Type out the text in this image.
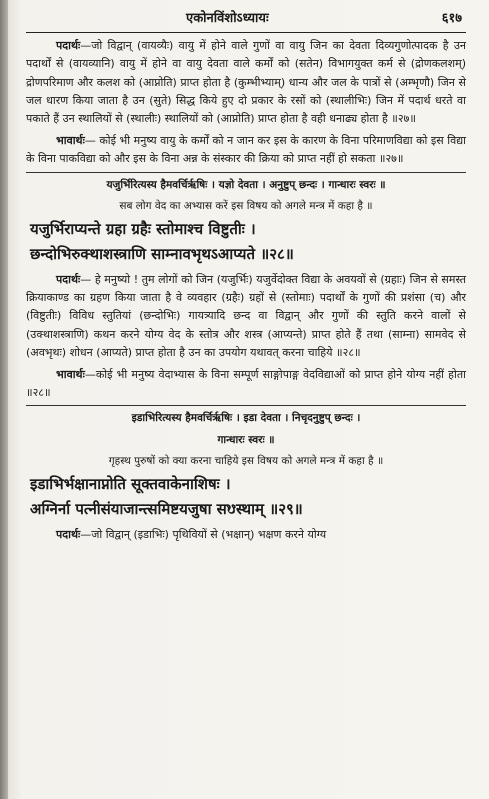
एकोनविंशोऽध्यायः	६१७

पदार्थः—जो विद्वान् (वायव्यैः) वायु में होने वाले गुणों वा वायु जिन का देवता दिव्यगुणोत्पादक है उन पदार्थों से (वायव्यानि) वायु में होने वा वायु देवता वाले कर्मों को (सतेन) विभागयुक्त कर्म से (द्रोणकलशम्) द्रोणपरिमाण और कलश को (आप्नोति) प्राप्त होता है (कुम्भीभ्याम्) धान्य और जल के पात्रों से (अम्भृणौ) जिन से जल धारण किया जाता है उन (सुते) सिद्ध किये हुए दो प्रकार के रसों को (स्थालीभिः) जिन में पदार्थ धरते वा पकाते हैं उन स्थालियों से (स्थालीः) स्थालियों को (आप्नोति) प्राप्त होता है वही धनाढ्य होता है ॥२७॥

भावार्थः— कोई भी मनुष्य वायु के कर्मों को न जान कर इस के कारण के विना परिमाणविद्या को इस विद्या के विना पाकविद्या को और इस के विना अन्न के संस्कार की क्रिया को प्राप्त नहीं हो सकता ॥२७॥

यजुर्भिरित्यस्य हैमवर्चिर्ऋषिः । यज्ञो देवता । अनुष्टुप् छन्दः । गान्धारः स्वरः ॥
सब लोग वेद का अभ्यास करें इस विषय को अगले मन्त्र में कहा है ॥
यजुर्भिराप्यन्ते ग्रहा ग्रहैः स्तोमाश्च विष्टुतीः ।
छन्दोभिरुक्थाशस्त्राणि साम्नावभृथऽआप्यते ॥२८॥

पदार्थः— हे मनुष्यो ! तुम लोगों को जिन (यजुर्भिः) यजुर्वेदोक्त विद्या के अवयवों से (ग्रहाः) जिन से समस्त क्रियाकाण्ड का ग्रहण किया जाता है वे व्यवहार (ग्रहैः) ग्रहों से (स्तोमाः) पदार्थों के गुणों की प्रशंसा (च) और (विष्टुतीः) विविध स्तुतियां (छन्दोभिः) गायत्र्यादि छन्द वा विद्वान् और गुणों की स्तुति करने वालों से (उक्थाशस्त्राणि) कथन करने योग्य वेद के स्तोत्र और शस्त्र (आप्यन्ते) प्राप्त होते हैं तथा (साम्ना) सामवेद से (अवभृथः) शोधन (आप्यते) प्राप्त होता है उन का उपयोग यथावत् करना चाहिये ॥२८॥

भावार्थः—कोई भी मनुष्य वेदाभ्यास के विना सम्पूर्ण साङ्गोपाङ्ग वेदविद्याओं को प्राप्त होने योग्य नहीं होता ॥२८॥

इडाभिरित्यस्य हैमवर्चिर्ऋषिः । इडा देवता । निचृदनुष्टुप् छन्दः ।
गान्धारः स्वरः ॥
गृहस्थ पुरुषों को क्या करना चाहिये इस विषय को अगले मन्त्र में कहा है ॥
इडाभिर्भक्षानाप्नोति सूक्तवाकेनाशिषः ।
अग्निर्ना पत्नीसंयाजान्त्समिष्टयजुषा सᳪस्थाम् ॥२९॥

पदार्थः—जो विद्वान् (इडाभिः) पृथिवियों से (भक्षान्) भक्षण करने योग्य
